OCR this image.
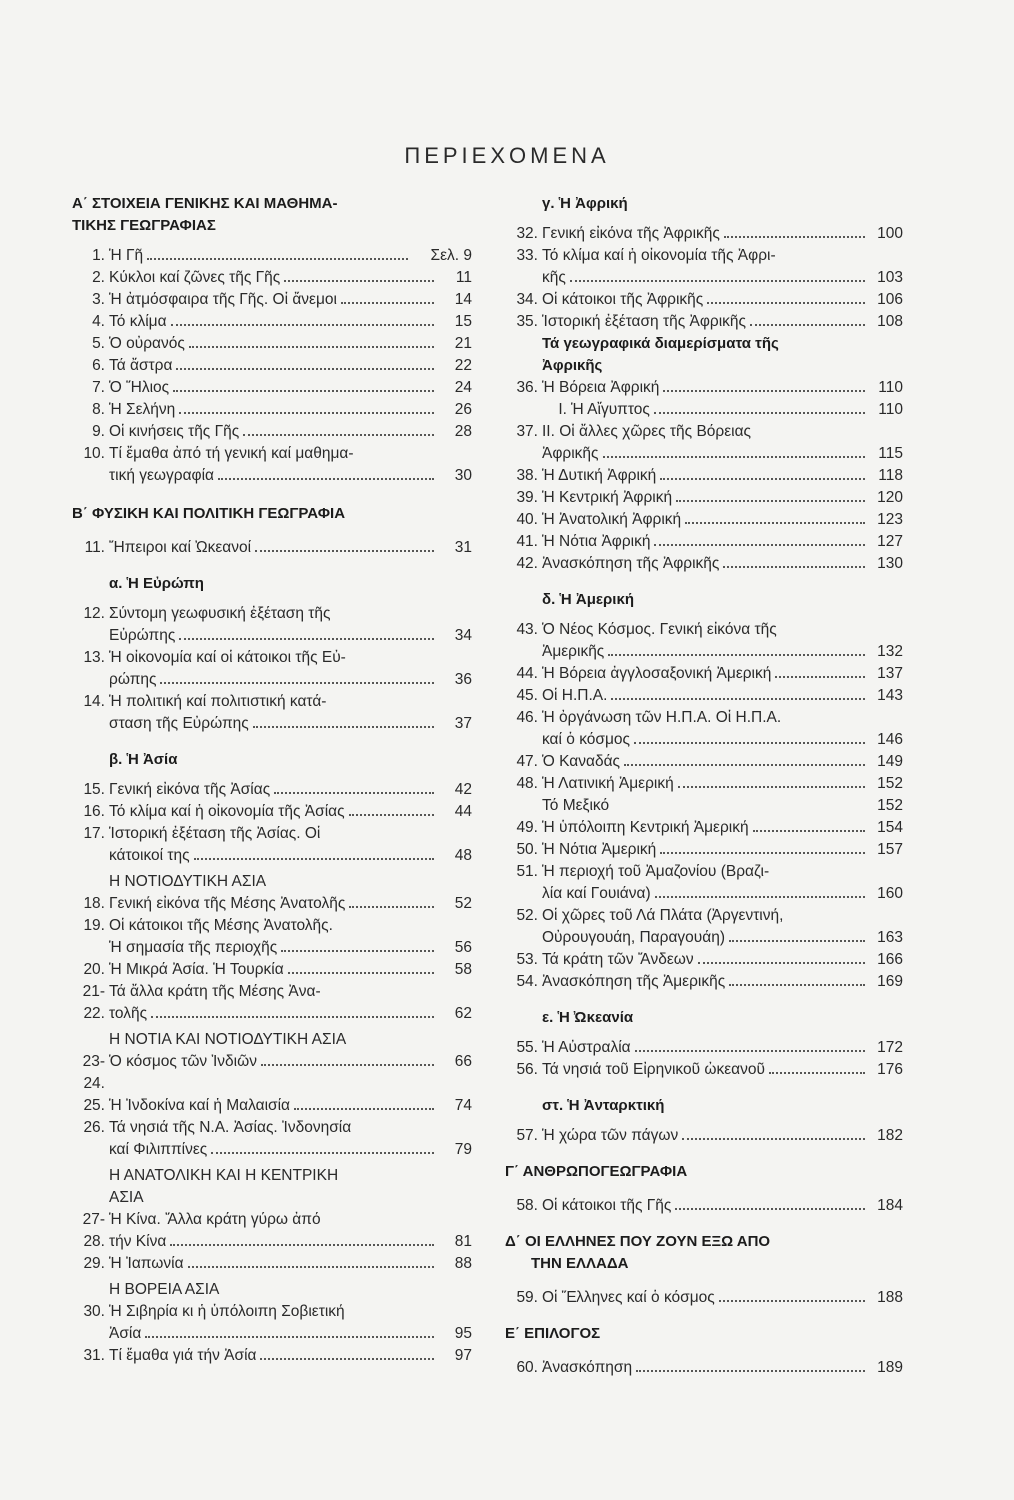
ΠΕΡΙΕΧΟΜΕΝΑ
Α΄ ΣΤΟΙΧΕΙΑ ΓΕΝΙΚΗΣ ΚΑΙ ΜΑΘΗΜΑ-
ΤΙΚΗΣ ΓΕΩΓΡΑΦΙΑΣ
1. Ἡ Γῆ	Σελ. 9
2. Κύκλοι καί ζῶνες τῆς Γῆς	11
3. Ἡ ἀτμόσφαιρα τῆς Γῆς. Οἱ ἄνεμοι	14
4. Τό κλίμα	15
5. Ὁ οὐρανός	21
6. Τά ἄστρα	22
7. Ὁ Ἥλιος	24
8. Ἡ Σελήνη	26
9. Οἱ κινήσεις τῆς Γῆς	28
10. Τί ἔμαθα ἀπό τή γενική καί μαθημα-
τική γεωγραφία	30
Β΄ ΦΥΣΙΚΗ ΚΑΙ ΠΟΛΙΤΙΚΗ ΓΕΩΓΡΑΦΙΑ
11. Ἤπειροι καί Ὠκεανοί	31
α. Ἡ Εὐρώπη
12. Σύντομη γεωφυσική ἐξέταση τῆς
Εὐρώπης	34
13. Ἡ οἰκονομία καί οἱ κάτοικοι τῆς Εὐ-
ρώπης	36
14. Ἡ πολιτική καί πολιτιστική κατά-
σταση τῆς Εὐρώπης	37
β. Ἡ Ἀσία
15. Γενική εἰκόνα τῆς Ἀσίας	42
16. Τό κλίμα καί ἡ οἰκονομία τῆς Ἀσίας	44
17. Ἱστορική ἐξέταση τῆς Ἀσίας. Οἱ
κάτοικοί της	48
Η ΝΟΤΙΟΔΥΤΙΚΗ ΑΣΙΑ
18. Γενική εἰκόνα τῆς Μέσης Ἀνατολῆς	52
19. Οἱ κάτοικοι τῆς Μέσης Ἀνατολῆς.
Ἡ σημασία τῆς περιοχῆς	56
20. Ἡ Μικρά Ἀσία. Ἡ Τουρκία	58
21-22.
Τά ἄλλα κράτη τῆς Μέσης Ἀνα-
τολῆς	62
Η ΝΟΤΙΑ ΚΑΙ ΝΟΤΙΟΔΥΤΙΚΗ ΑΣΙΑ
23-24.
Ὁ κόσμος τῶν Ἰνδιῶν	66
25. Ἡ Ἰνδοκίνα καί ἡ Μαλαισία	74
26. Τά νησιά τῆς Ν.Α. Ἀσίας. Ἰνδονησία
καί Φιλιππίνες	79
Η ΑΝΑΤΟΛΙΚΗ ΚΑΙ Η ΚΕΝΤΡΙΚΗ
ΑΣΙΑ
27-28.
Ἡ Κίνα. Ἄλλα κράτη γύρω ἀπό
τήν Κίνα	81
29. Ἡ Ἰαπωνία	88
Η ΒΟΡΕΙΑ ΑΣΙΑ
30. Ἡ Σιβηρία κι ἡ ὑπόλοιπη Σοβιετική
Ἀσία	95
31. Τί ἔμαθα γιά τήν Ἀσία	97
γ. Ἡ Ἀφρική
32. Γενική εἰκόνα τῆς Ἀφρικῆς	100
33. Τό κλίμα καί ἡ οἰκονομία τῆς Ἀφρι-
κῆς	103
34. Οἱ κάτοικοι τῆς Ἀφρικῆς	106
35. Ἱστορική ἐξέταση τῆς Ἀφρικῆς	108
Τά γεωγραφικά διαμερίσματα τῆς
Ἀφρικῆς
36. Ἡ Βόρεια Ἀφρική	110
I. Ἡ Αἴγυπτος	110
37. II. Οἱ ἄλλες χῶρες τῆς Βόρειας
Ἀφρικῆς	115
38. Ἡ Δυτική Ἀφρική	118
39. Ἡ Κεντρική Ἀφρική	120
40. Ἡ Ἀνατολική Ἀφρική	123
41. Ἡ Νότια Ἀφρική	127
42. Ἀνασκόπηση τῆς Ἀφρικῆς	130
δ. Ἡ Ἀμερική
43. Ὁ Νέος Κόσμος. Γενική εἰκόνα τῆς
Ἀμερικῆς	132
44. Ἡ Βόρεια ἀγγλοσαξονική Ἀμερική	137
45. Οἱ Η.Π.Α.	143
46. Ἡ ὀργάνωση τῶν Η.Π.Α. Οἱ Η.Π.Α.
καί ὁ κόσμος	146
47. Ὁ Καναδάς	149
48. Ἡ Λατινική Ἀμερική	152
Τό Μεξικό	152
49. Ἡ ὑπόλοιπη Κεντρική Ἀμερική	154
50. Ἡ Νότια Ἀμερική	157
51. Ἡ περιοχή τοῦ Ἀμαζονίου (Βραζι-
λία καί Γουιάνα)	160
52. Οἱ χῶρες τοῦ Λά Πλάτα (Ἀργεντινή,
Οὐρουγουάη, Παραγουάη)	163
53. Τά κράτη τῶν Ἄνδεων	166
54. Ἀνασκόπηση τῆς Ἀμερικῆς	169
ε. Ἡ Ὠκεανία
55. Ἡ Αὐστραλία	172
56. Τά νησιά τοῦ Εἰρηνικοῦ ὠκεανοῦ	176
στ. Ἡ Ἀνταρκτική
57. Ἡ χώρα τῶν πάγων	182
Γ΄ ΑΝΘΡΩΠΟΓΕΩΓΡΑΦΙΑ
58. Οἱ κάτοικοι τῆς Γῆς	184
Δ΄ ΟΙ ΕΛΛΗΝΕΣ ΠΟΥ ΖΟΥΝ ΕΞΩ ΑΠΟ
ΤΗΝ ΕΛΛΑΔΑ
59. Οἱ Ἕλληνες καί ὁ κόσμος	188
Ε΄ ΕΠΙΛΟΓΟΣ
60. Ἀνασκόπηση	189
